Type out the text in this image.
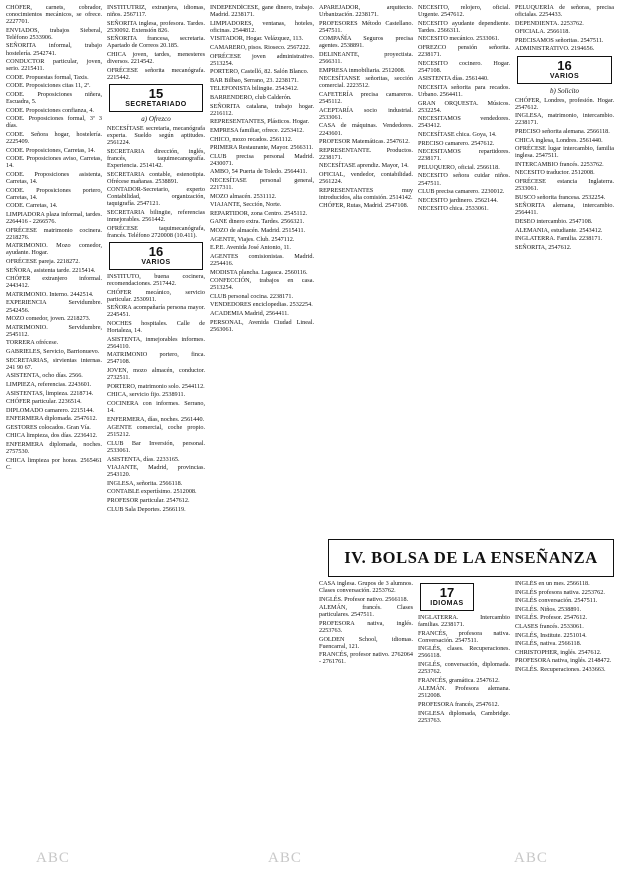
CHÓFER, carnets, cobrador, conocimientos mecánicos, se ofrece. 2227701.
ENVIADOS, trabajos Sieberal, Teléfono 2533906.
SEÑORITA informal, trabajo hostelería. 2542741.
CONDUCTOR particular, joven, serio. 2215411.
CODE. Propuestas formal, Taxis.
CODE. Proposiciones citas 11, 2ª.
CODE. Proposiciones niñera, Escuadra, 5.
CODE. Proposiciones confianza, 4.
CODE. Proposiciones formal, 3ª 3 días.
CODE. Señora hogar, hostelería. 2225409.
CODE. Proposiciones, Carretas, 14.
CODE. Proposiciones aviso, Carretas, 14.
CODE. Proposiciones asistenta, Carretas, 14.
CODE. Proposiciones portero, Carretas, 14.
CODE. Carretas, 14.
LIMPIADORA plaza informal, tardes. 2264416 - 2266576.
OFRÉCESE matrimonio cocinera. 2218276.
MATRIMONIO. Mozo comedor, ayudante. Hogar.
OFRÉCESE pareja. 2218272.
SEÑORA, asistenta tarde. 2215414.
CHÓFER extranjero informal. 2443412.
MATRIMONIO. Interno. 2442514.
EXPERIENCIA Servidumbre. 2542456.
MOZO comedor, joven. 2218273.
MATRIMONIO. Servidumbre, 2545112.
TORRERA ofrécese.
GABRIELES, Servicio, Barrionuevo.
SECRETARIAS, sirvientas internas. 241 90 67.
ASISTENTA, ocho días. 2566.
LIMPIEZA, referencias. 2243601.
ASISTENTAS, limpieza. 2218714.
CHÓFER particular. 2236514.
DIPLOMADO camarero. 2215144.
ENFERMERA diplomada. 2547612.
GESTORES colocados. Gran Vía.
CHICA limpieza, dos días. 2236412.
ENFERMERA diplomada, noches. 2757530.
CHICA limpieza por horas. 2565461 C.
INSTITUTRIZ, extranjera, idiomas, niños. 2567117.
SEÑORITA inglesa, profesora. Tardes. 2530092. Extensión 826.
SEÑORITA francesa, secretaria. Apartado de Correos 20.185.
CHICA joven, tardes, menesteres diversos. 2214542.
OFRÉCESE señorita mecanógrafa. 2215442.
15
SECRETARIADO
a) Ofrezco
NECESÍTASE secretaria, mecanógrafa experta. Sueldo según aptitudes. 2561224.
SECRETARIA dirección, inglés, francés, taquimecanografía. Experiencia. 2514142.
SECRETARIA contable, estenotipia. Ofrécese mañanas. 2538891.
CONTADOR-Secretario, experto Contabilidad, organización, taquigrafía. 2547121.
SECRETARIA bilingüe, referencias inmejorables. 2561442.
OFRÉCESE taquimecanógrafa, francés. Teléfono 2720008 (10.411).
16
VARIOS
INSTITUTO, buena cocinera, recomendaciones. 2517442.
CHÓFER mecánico, servicio particular. 2530911.
SEÑORA acompañaría persona mayor. 2245451.
NOCHES hospitales. Calle de Hortaleza, 14.
ASISTENTA, inmejorables informes. 2564110.
MATRIMONIO portero, finca. 2547108.
JOVEN, mozo almacén, conductor. 2732511.
PORTERO, matrimonio solo. 2544112.
CHICA, servicio fijo. 2538911.
COCINERA con informes. Serrano, 14.
ENFERMERA, días, noches. 2561440.
AGENTE comercial, coche propio. 2515212.
CLUB Bar Inversión, personal. 2533061.
ASISTENTA, días. 2233165.
VIAJANTE, Madrid, provincias. 2543120.
INGLESA, señorita. 2566118.
CONTABLE expertísimo. 2512008.
PROFESOR particular. 2547612.
CLUB Sala Deportes. 2566119.
INDEPENDÍCESE, gane dinero, trabajo. Madrid. 2238171.
LIMPIADORES, ventanas, hoteles, oficinas. 2544812.
VISITADOR, Hogar. Velázquez, 113.
CAMARERO, pisos. Rioseco. 2567222.
OFRÉCESE joven administrativo. 2513254.
PORTERO, Castelló, 82. Salón Blanco.
BAR Bilbao, Serrano, 23. 2238171.
TELEFONISTA bilingüe. 2543412.
BARRENDERO, club Calderón.
SEÑORITA catalana, trabajo hogar. 2216112.
REPRESENTANTES, Plásticos. Hogar.
EMPRESA familiar, ofrece. 2253412.
CHICO, mozo recados. 2561112.
PRIMERA Restaurante, Mayor. 2566311.
CLUB precisa personal Madrid. 2430071.
AMBO, 54 Puerta de Toledo. 2564411.
NECESÍTASE personal general, 2217311.
MOZO almacén. 2531112.
VIAJANTE, Sección, Norte.
REPARTIDOR, zona Centro. 2545112.
GANE dinero extra. Tardes. 2566321.
MOZO de almacén. Madrid. 2515411.
AGENTE, Viajes. Club. 2547112.
E.P.E. Avenida José Antonio, 11.
AGENTES comisionistas. Madrid. 2254416.
MODISTA plancha. Lagasca. 2560116.
CONFECCIÓN, trabajos en casa. 2513254.
CLUB personal cocina. 2238171.
VENDEDORES enciclopedias. 2532254.
ACADEMIA Madrid, 2564411.
PERSONAL, Avenida Ciudad Lineal. 2563061.
APAREJADOR, arquitecto. Urbanización. 2238171.
PROFESORES Método Castellano. 2547511.
COMPAÑÍA Seguros precisa agentes. 2538891.
DELINEANTE, proyectista. 2566311.
EMPRESA inmobiliaria. 2512008.
NECESÍTANSE señoritas, sección comercial. 2223512.
CAFETERÍA precisa camareros. 2545112.
ACEPTARÍA socio industrial. 2533061.
CASA de máquinas. Vendedores. 2243601.
PROFESOR Matemáticas. 2547612.
REPRESENTANTE. Productos. 2238171.
NECESÍTASE aprendiz. Mayor, 14.
OFICIAL, vendedor, contabilidad. 2561224.
REPRESENTANTES muy introducidos, alta comisión. 2514142.
CHÓFER, Rutas, Madrid. 2547108.
NECESITO, relojero, oficial. Urgente. 2547612.
NECESITO ayudante dependiente. Tardes. 2566311.
NECESITO mecánico. 2533061.
OFREZCO pensión señorita. 2238171.
NECESITO cocinero. Hogar. 2547108.
ASISTENTA días. 2561440.
NECESITA señorita para recados. Urbano. 2564411.
GRAN ORQUESTA. Músicos. 2532254.
NECESITAMOS vendedores. 2543412.
NECESÍTASE chica. Goya, 14.
PRECISO camarero. 2547612.
NECESITAMOS repartidores. 2238171.
PELUQUERO, oficial. 2566118.
NECESITO señora cuidar niños. 2547511.
CLUB precisa camarero. 2230012.
NECESITO jardinero. 2562144.
NECESITO chica. 2533061.
PELUQUERÍA de señoras, precisa oficialas. 2254433.
DEPENDIENTA. 2253762.
OFICIALA. 2566118.
PRECISAMOS señoritas. 2547511.
ADMINISTRATIVO. 2194656.
16
VARIOS
b) Solicito
CHÓFER, Londres, profesión. Hogar. 2547612.
INGLESA, matrimonio, intercambio. 2238171.
PRECISO señorita alemana. 2566118.
CHICA inglesa, Londres. 2561440.
OFRÉCESE lugar intercambio, familia inglesa. 2547511.
INTERCAMBIO francés. 2253762.
NECESITO traductor. 2512008.
OFRÉCESE estancia Inglaterra. 2533061.
BUSCO señorita francesa. 2532254.
SEÑORITA alemana, intercambio. 2564411.
DESEO intercambio. 2547108.
ALEMANIA, estudiante. 2543412.
INGLATERRA. Familia. 2238171.
SEÑORITA, 2547612.
IV. BOLSA DE LA ENSEÑANZA
CASA inglesa. Grupos de 3 alumnos. Clases conversación. 2253762.
INGLÉS. Profesor nativo. 2566118.
ALEMÁN, francés. Clases particulares. 2547511.
PROFESORA nativa, inglés. 2253763.
GOLDEN School, idiomas. Fuencarral, 121.
FRANCÉS, profesor nativo. 2762064 - 2761761.
17
IDIOMAS
INGLATERRA. Intercambio familias. 2238171.
FRANCÉS, profesora nativa. Conversación. 2547511.
INGLÉS, clases. Recuperaciones. 2566118.
INGLÉS, conversación, diplomada. 2253762.
FRANCÉS, gramática. 2547612.
ALEMÁN. Profesora alemana. 2512008.
PROFESORA francés, 2547612.
INGLESA diplomada, Cambridge. 2253763.
INGLÉS en un mes. 2566118.
INGLÉS profesora nativa. 2253762.
INGLÉS conversación. 2547511.
INGLÉS. Niños. 2538891.
INGLÉS. Profesor. 2547612.
CLASES francés. 2533061.
INGLÉS, Institute. 2251014.
INGLÉS, nativa. 2566118.
CHRISTOPHER, inglés. 2547612.
PROFESORA nativa, inglés. 2148472.
INGLÉS. Recuperaciones. 2433663.
ABC	ABC	ABC
